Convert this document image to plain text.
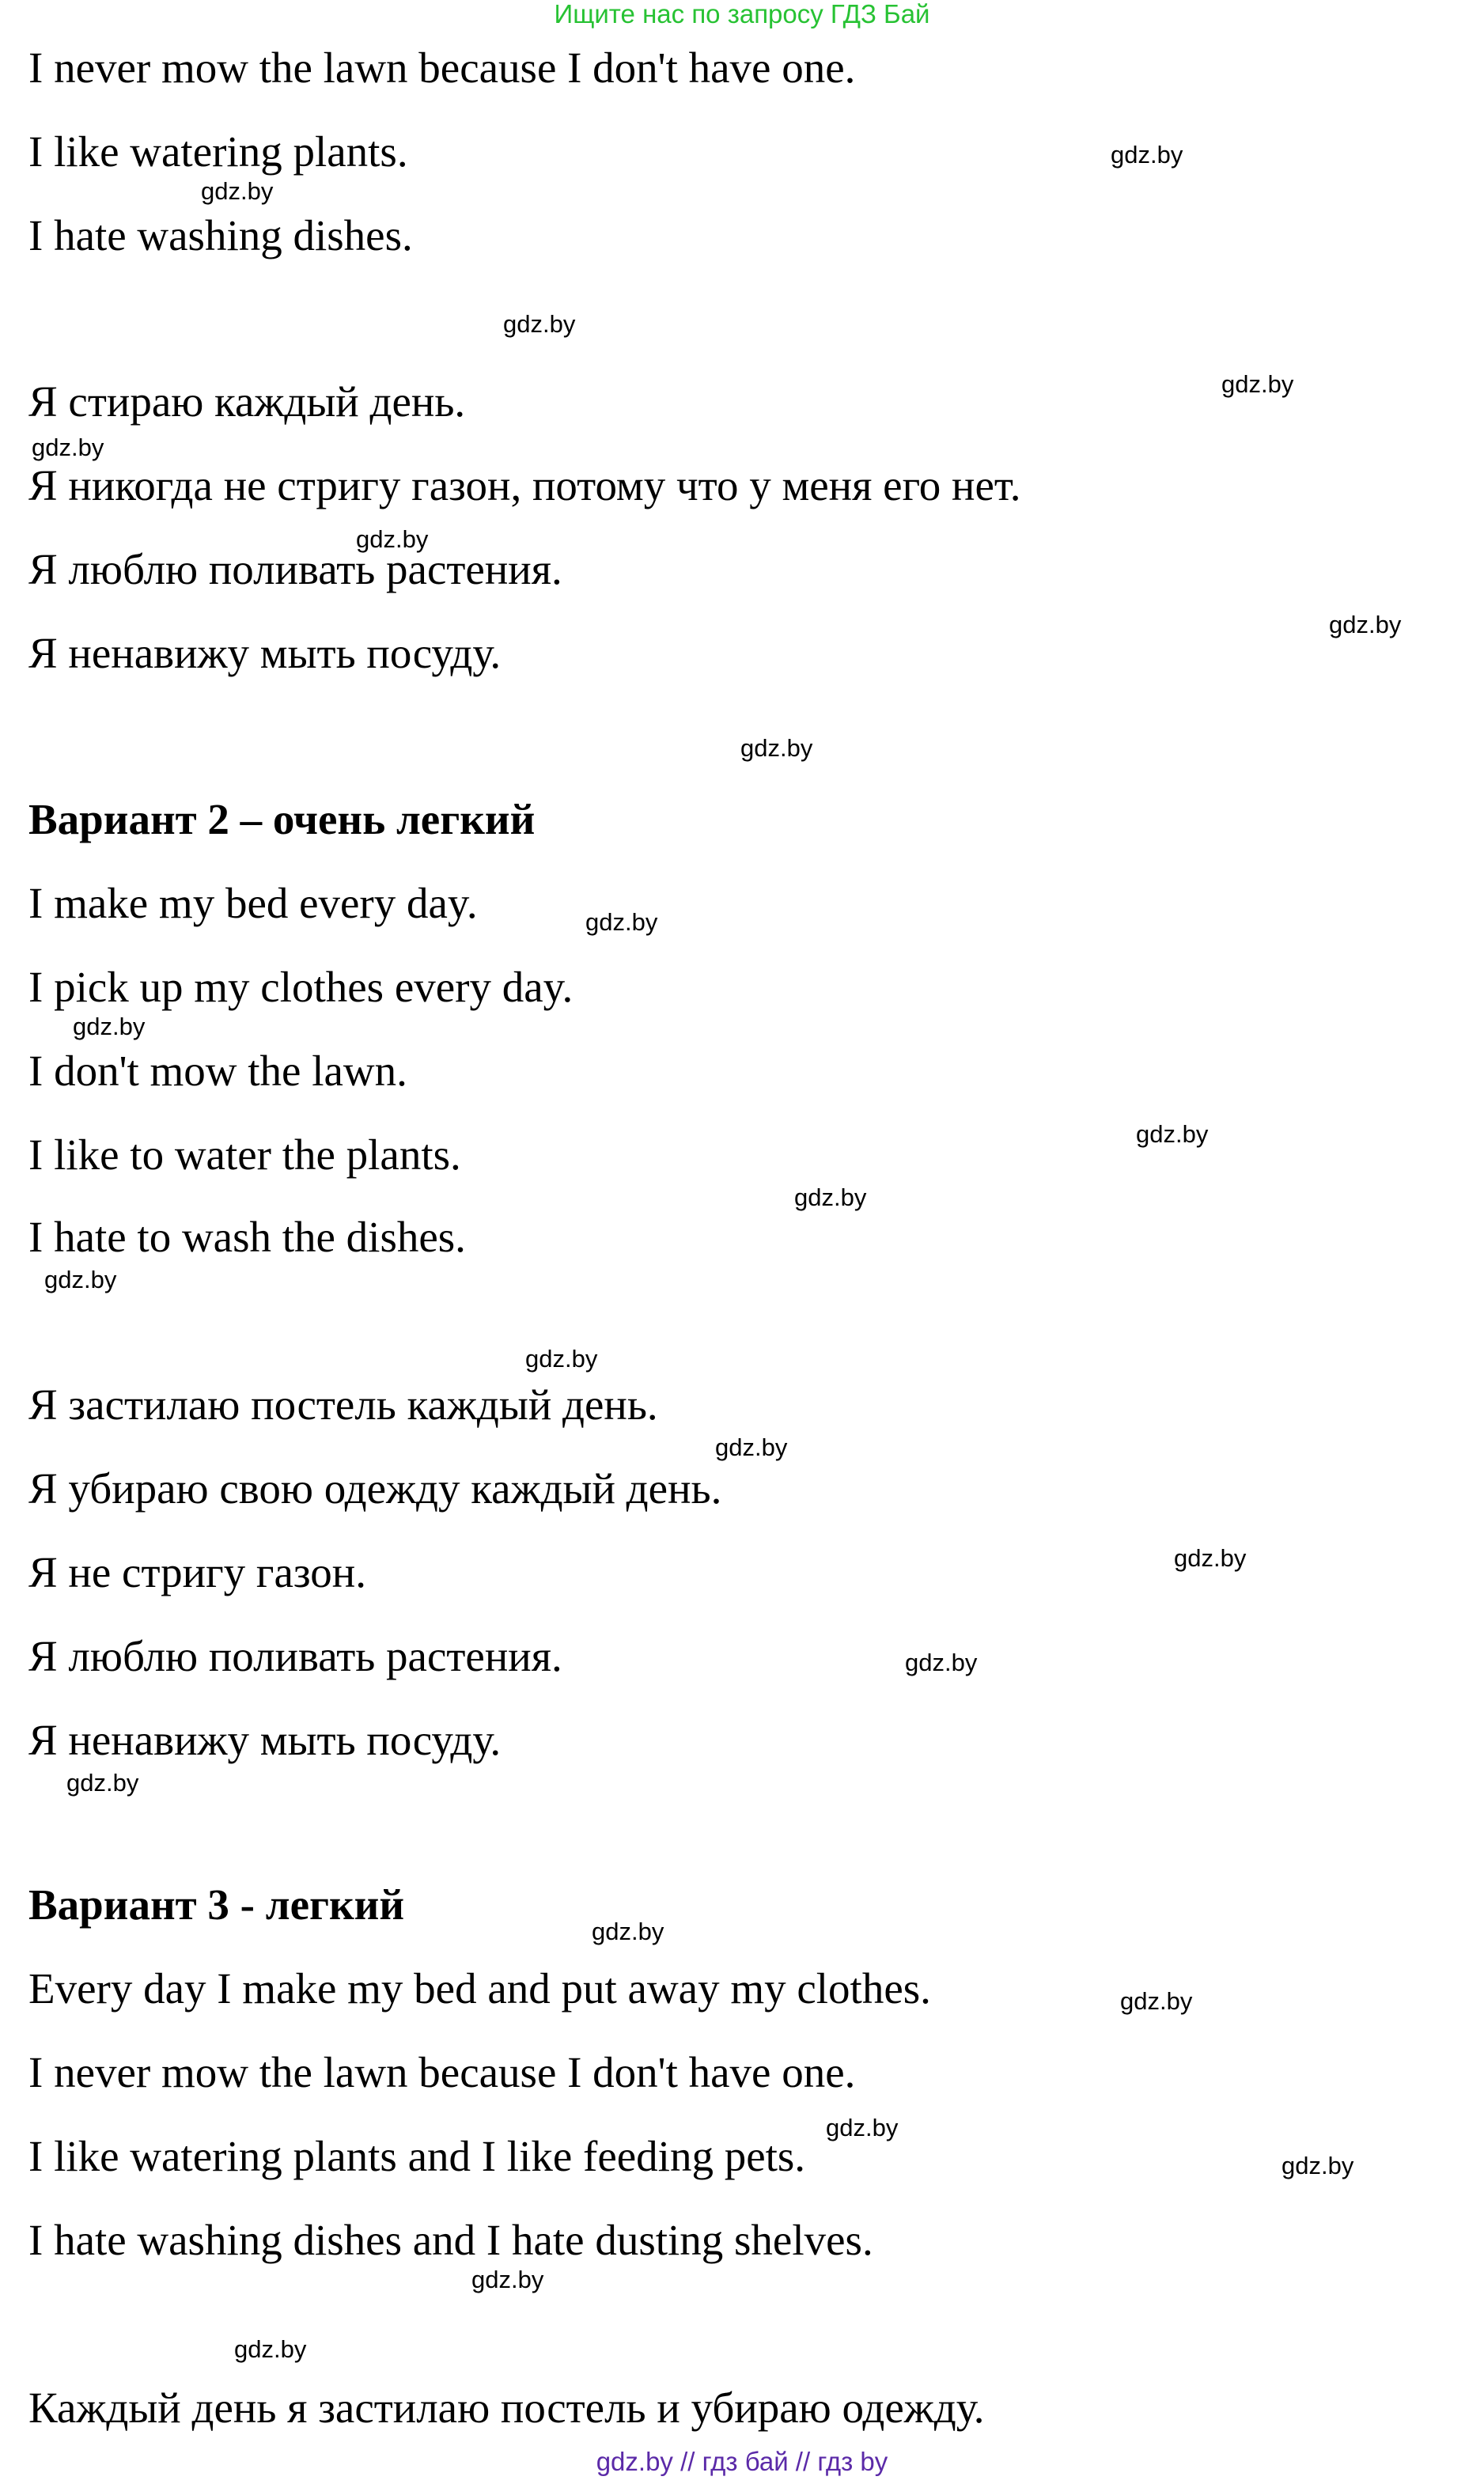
Ищите нас по запросу ГДЗ Бай

I never mow the lawn because I don't have one.

I like watering plants.

I hate washing dishes.

Я стираю каждый день.

Я никогда не стригу газон, потому что у меня его нет.

Я люблю поливать растения.

Я ненавижу мыть посуду.

Вариант 2 – очень легкий

I make my bed every day.

I pick up my clothes every day.

I don't mow the lawn.

I like to water the plants.

I hate to wash the dishes.

Я застилаю постель каждый день.

Я убираю свою одежду каждый день.

Я не стригу газон.

Я люблю поливать растения.

Я ненавижу мыть посуду.

Вариант 3 - легкий

Every day I make my bed and put away my clothes.

I never mow the lawn because I don't have one.

I like watering plants and I like feeding pets.

I hate washing dishes and I hate dusting shelves.

Каждый день я застилаю постель и убираю одежду.

gdz.by
gdz.by
gdz.by
gdz.by
gdz.by
gdz.by
gdz.by
gdz.by
gdz.by
gdz.by
gdz.by
gdz.by
gdz.by
gdz.by
gdz.by
gdz.by
gdz.by
gdz.by
gdz.by
gdz.by
gdz.by
gdz.by
gdz.by
gdz.by
gdz.by // гдз бай // гдз by
